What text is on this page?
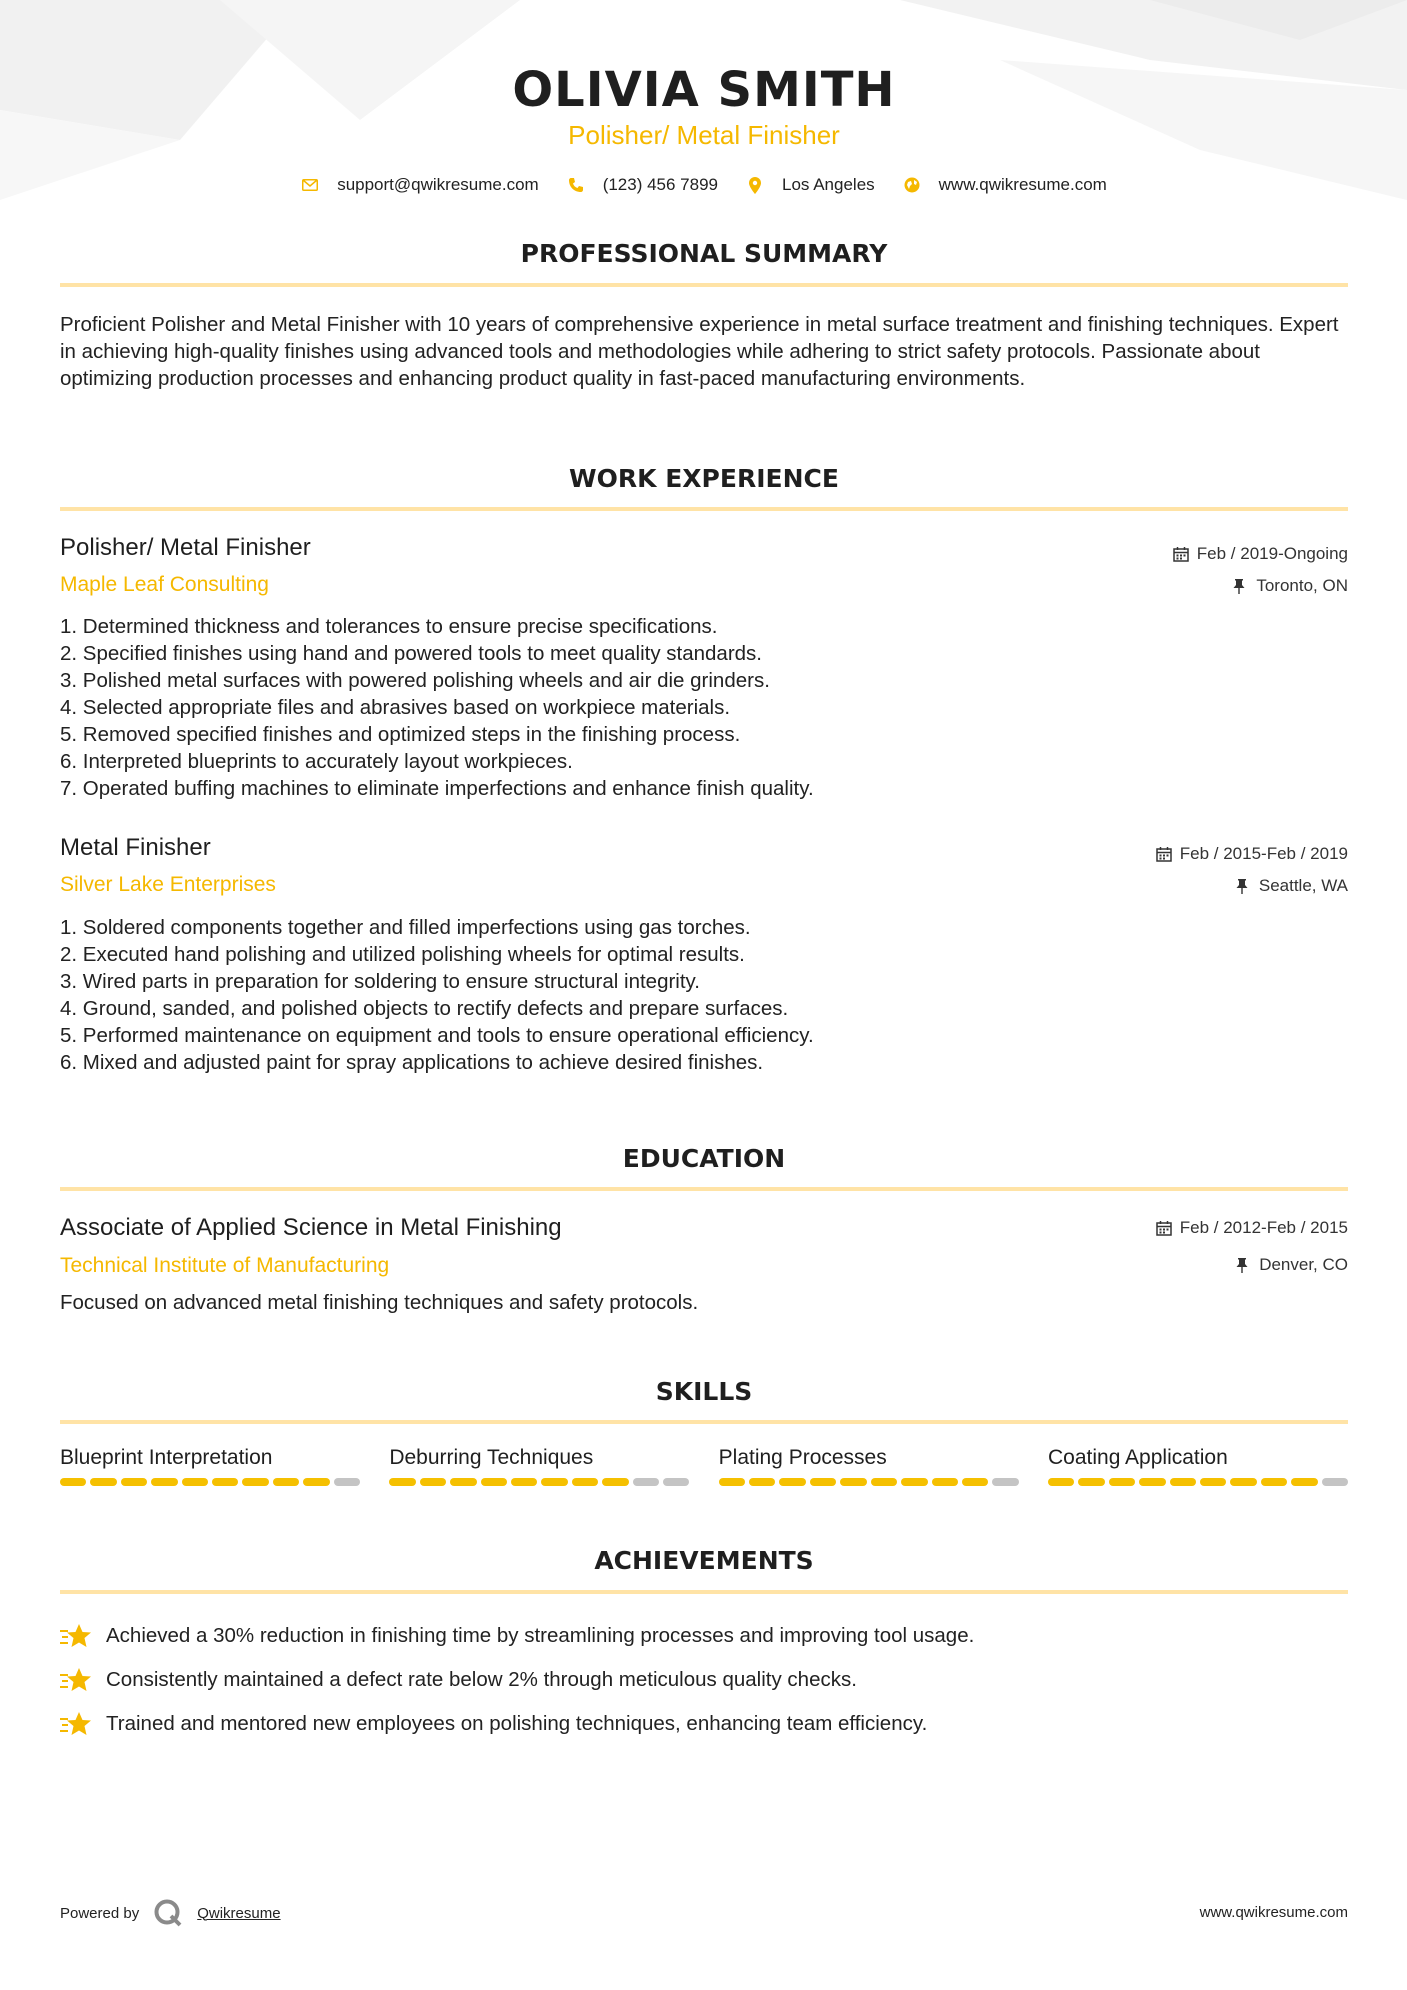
OLIVIA SMITH
Polisher/ Metal Finisher
support@qwikresume.com	(123) 456 7899	Los Angeles	www.qwikresume.com
PROFESSIONAL SUMMARY
Proficient Polisher and Metal Finisher with 10 years of comprehensive experience in metal surface treatment and finishing techniques. Expert in achieving high-quality finishes using advanced tools and methodologies while adhering to strict safety protocols. Passionate about optimizing production processes and enhancing product quality in fast-paced manufacturing environments.
WORK EXPERIENCE
Polisher/ Metal Finisher
Maple Leaf Consulting
Feb / 2019-Ongoing
Toronto, ON
1. Determined thickness and tolerances to ensure precise specifications.
2. Specified finishes using hand and powered tools to meet quality standards.
3. Polished metal surfaces with powered polishing wheels and air die grinders.
4. Selected appropriate files and abrasives based on workpiece materials.
5. Removed specified finishes and optimized steps in the finishing process.
6. Interpreted blueprints to accurately layout workpieces.
7. Operated buffing machines to eliminate imperfections and enhance finish quality.
Metal Finisher
Silver Lake Enterprises
Feb / 2015-Feb / 2019
Seattle, WA
1. Soldered components together and filled imperfections using gas torches.
2. Executed hand polishing and utilized polishing wheels for optimal results.
3. Wired parts in preparation for soldering to ensure structural integrity.
4. Ground, sanded, and polished objects to rectify defects and prepare surfaces.
5. Performed maintenance on equipment and tools to ensure operational efficiency.
6. Mixed and adjusted paint for spray applications to achieve desired finishes.
EDUCATION
Associate of Applied Science in Metal Finishing
Technical Institute of Manufacturing
Feb / 2012-Feb / 2015
Denver, CO
Focused on advanced metal finishing techniques and safety protocols.
SKILLS
Blueprint Interpretation	Deburring Techniques	Plating Processes	Coating Application
ACHIEVEMENTS
Achieved a 30% reduction in finishing time by streamlining processes and improving tool usage.
Consistently maintained a defect rate below 2% through meticulous quality checks.
Trained and mentored new employees on polishing techniques, enhancing team efficiency.
Powered by	Qwikresume	www.qwikresume.com
